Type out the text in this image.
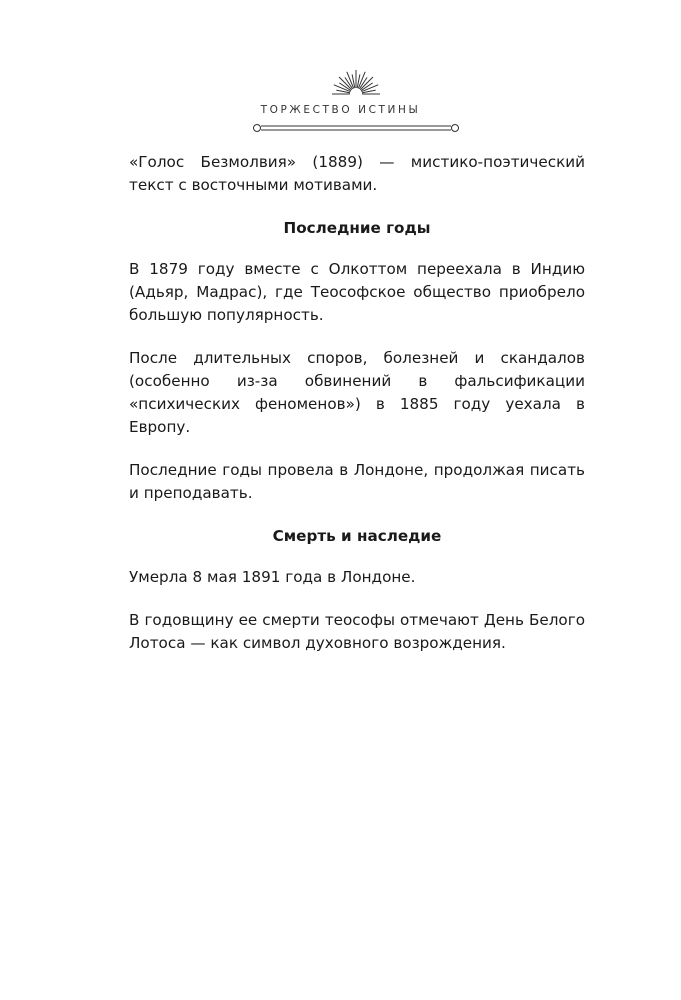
ТОРЖЕСТВО ИСТИНЫ

«Голос Безмолвия» (1889) — мистико-поэтический текст с восточными мотивами.

Последние годы

В 1879 году вместе с Олкоттом переехала в Индию (Адьяр, Мадрас), где Теософское общество приобрело большую популярность.

После длительных споров, болезней и скандалов (особенно из-за обвинений в фальсификации «психических феноменов») в 1885 году уехала в Европу.

Последние годы провела в Лондоне, продолжая писать и преподавать.

Смерть и наследие

Умерла 8 мая 1891 года в Лондоне.

В годовщину ее смерти теософы отмечают День Белого Лотоса — как символ духовного возрождения.
